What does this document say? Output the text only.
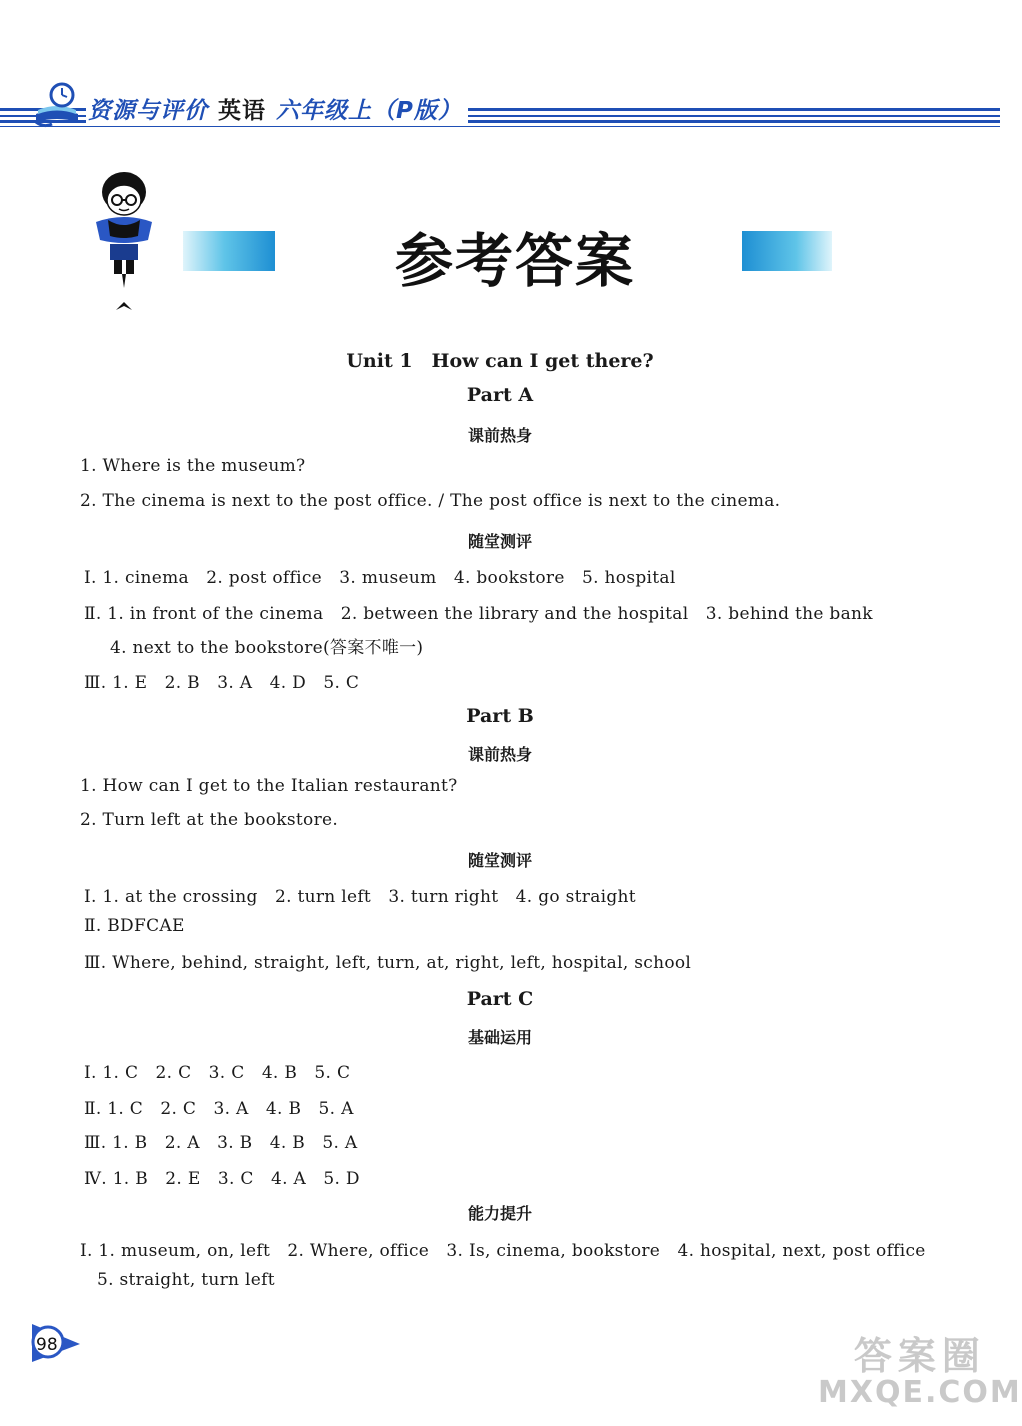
资源与评价 英语 六年级上（P版）
参考答案
Unit 1　How can I get there?
Part A
课前热身
1. Where is the museum?
2. The cinema is next to the post office. / The post office is next to the cinema.
随堂测评
Ⅰ. 1. cinema　2. post office　3. museum　4. bookstore　5. hospital
Ⅱ. 1. in front of the cinema　2. between the library and the hospital　3. behind the bank
4. next to the bookstore(答案不唯一)
Ⅲ. 1. E　2. B　3. A　4. D　5. C
Part B
课前热身
1. How can I get to the Italian restaurant?
2. Turn left at the bookstore.
随堂测评
Ⅰ. 1. at the crossing　2. turn left　3. turn right　4. go straight
Ⅱ. BDFCAE
Ⅲ. Where, behind, straight, left, turn, at, right, left, hospital, school
Part C
基础运用
Ⅰ. 1. C　2. C　3. C　4. B　5. C
Ⅱ. 1. C　2. C　3. A　4. B　5. A
Ⅲ. 1. B　2. A　3. B　4. B　5. A
Ⅳ. 1. B　2. E　3. C　4. A　5. D
能力提升
Ⅰ. 1. museum, on, left　2. Where, office　3. Is, cinema, bookstore　4. hospital, next, post office
5. straight, turn left
98	答案圈
MXQE.COM
